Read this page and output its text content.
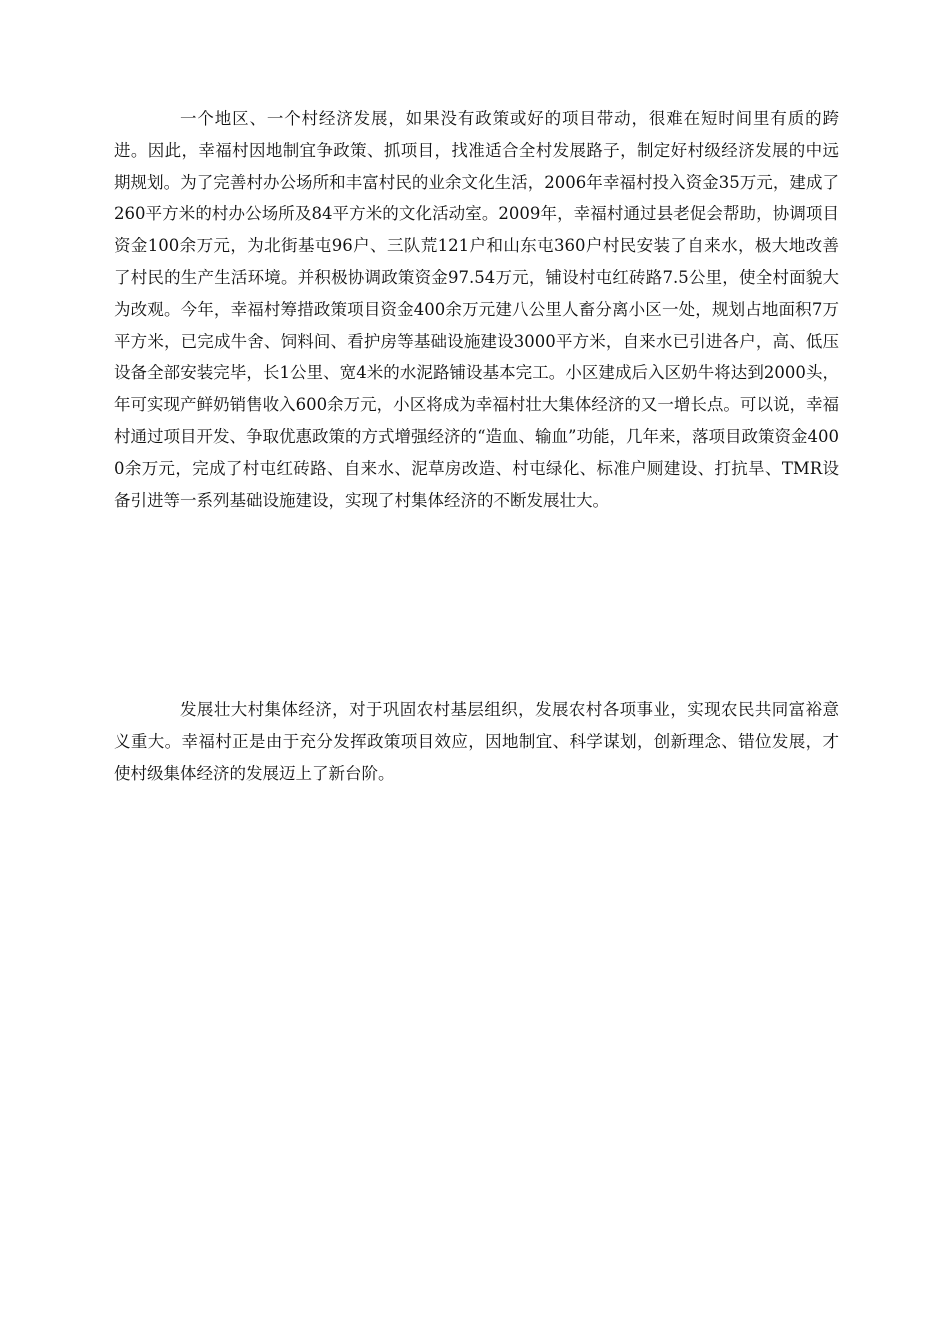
一个地区、一个村经济发展，如果没有政策或好的项目带动，很难在短时间里有质的跨进。因此，幸福村因地制宜争政策、抓项目，找准适合全村发展路子，制定好村级经济发展的中远期规划。为了完善村办公场所和丰富村民的业余文化生活，2006年幸福村投入资金35万元，建成了260平方米的村办公场所及84平方米的文化活动室。2009年，幸福村通过县老促会帮助，协调项目资金100余万元，为北街基屯96户、三队荒121户和山东屯360户村民安装了自来水，极大地改善了村民的生产生活环境。并积极协调政策资金97.54万元，铺设村屯红砖路7.5公里，使全村面貌大为改观。今年，幸福村筹措政策项目资金400余万元建八公里人畜分离小区一处，规划占地面积7万平方米，已完成牛舍、饲料间、看护房等基础设施建设3000平方米，自来水已引进各户，高、低压设备全部安装完毕，长1公里、宽4米的水泥路铺设基本完工。小区建成后入区奶牛将达到2000头，年可实现产鲜奶销售收入600余万元，小区将成为幸福村壮大集体经济的又一增长点。可以说，幸福村通过项目开发、争取优惠政策的方式增强经济的“造血、输血”功能，几年来，落项目政策资金4000余万元，完成了村屯红砖路、自来水、泥草房改造、村屯绿化、标准户厕建设、打抗旱、TMR设备引进等一系列基础设施建设，实现了村集体经济的不断发展壮大。

发展壮大村集体经济，对于巩固农村基层组织，发展农村各项事业，实现农民共同富裕意义重大。幸福村正是由于充分发挥政策项目效应，因地制宜、科学谋划，创新理念、错位发展，才使村级集体经济的发展迈上了新台阶。
